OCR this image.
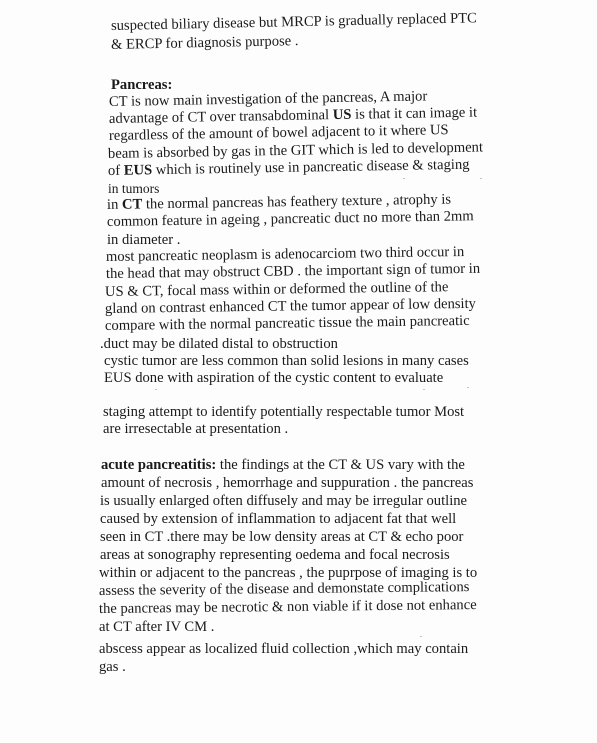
suspected biliary disease but MRCP is gradually replaced PTC
& ERCP for diagnosis purpose .
Pancreas:
CT is now main investigation of the pancreas, A major
advantage of CT over transabdominal US is that it can image it
regardless of the amount of bowel adjacent to it where US
beam is absorbed by gas in the GIT which is led to development
of EUS which is routinely use in pancreatic disease & staging
in tumors
in CT the normal pancreas has feathery texture , atrophy is
common feature in ageing , pancreatic duct no more than 2mm
in diameter .
most pancreatic neoplasm is adenocarciom two third occur in
the head that may obstruct CBD . the important sign of tumor in
US & CT, focal mass within or deformed the outline of the
gland on contrast enhanced CT the tumor appear of low density
compare with the normal pancreatic tissue the main pancreatic
.duct may be dilated distal to obstruction
cystic tumor are less common than solid lesions in many cases
EUS done with aspiration of the cystic content to evaluate
staging attempt to identify potentially respectable tumor Most
are irresectable at presentation .
acute pancreatitis: the findings at the CT & US vary with the
amount of necrosis , hemorrhage and suppuration . the pancreas
is usually enlarged often diffusely and may be irregular outline
caused by extension of inflammation to adjacent fat that well
seen in CT .there may be low density areas at CT & echo poor
areas at sonography representing oedema and focal necrosis
within or adjacent to the pancreas , the puprpose of imaging is to
assess the severity of the disease and demonstate complications
the pancreas may be necrotic & non viable if it dose not enhance
at CT after IV CM .
abscess appear as localized fluid collection ,which may contain
gas .
